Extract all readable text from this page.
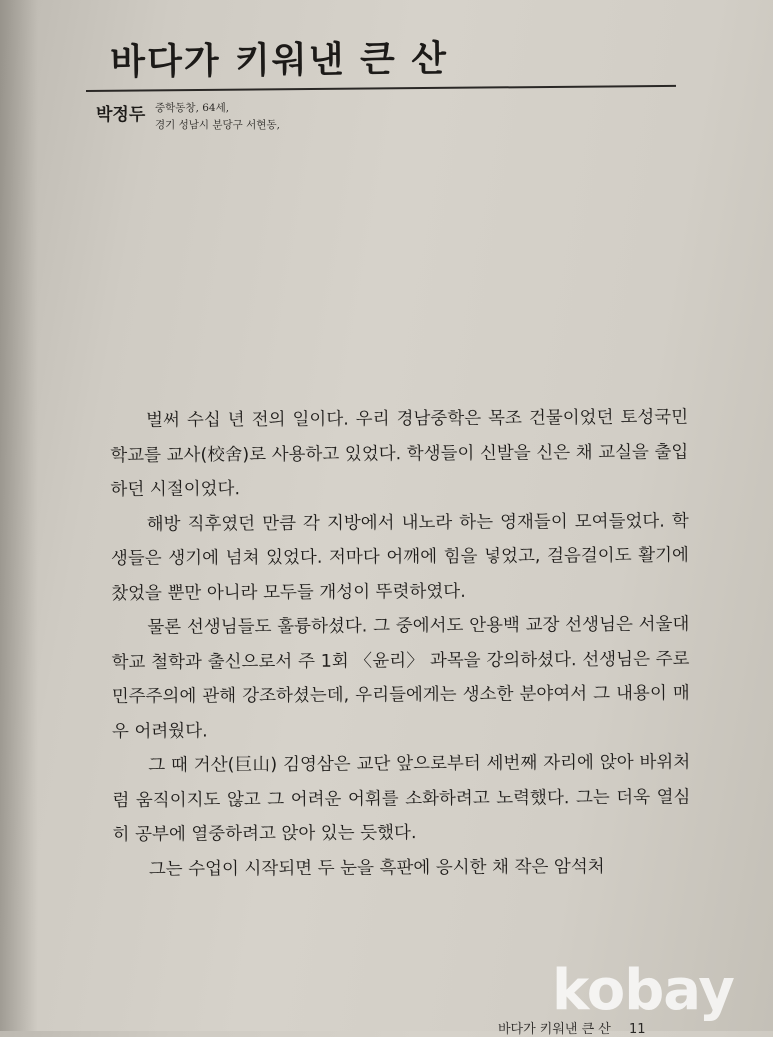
바다가 키워낸 큰 산
박정두 중학동창, 64세,
경기 성남시 분당구 서현동,

벌써 수십 년 전의 일이다. 우리 경남중학은 목조 건물이었던 토성국민학교를 교사(校舍)로 사용하고 있었다. 학생들이 신발을 신은 채 교실을 출입하던 시절이었다.

해방 직후였던 만큼 각 지방에서 내노라 하는 영재들이 모여들었다. 학생들은 생기에 넘쳐 있었다. 저마다 어깨에 힘을 넣었고, 걸음걸이도 활기에 찼었을 뿐만 아니라 모두들 개성이 뚜렷하였다.

물론 선생님들도 훌륭하셨다. 그 중에서도 안용백 교장 선생님은 서울대학교 철학과 출신으로서 주 1회 〈윤리〉 과목을 강의하셨다. 선생님은 주로 민주주의에 관해 강조하셨는데, 우리들에게는 생소한 분야여서 그 내용이 매우 어려웠다.

그 때 거산(巨山) 김영삼은 교단 앞으로부터 세번째 자리에 앉아 바위처럼 움직이지도 않고 그 어려운 어휘를 소화하려고 노력했다. 그는 더욱 열심히 공부에 열중하려고 앉아 있는 듯했다.

그는 수업이 시작되면 두 눈을 흑판에 응시한 채 작은 암석처

바다가 키워낸 큰 산 11
kobay
